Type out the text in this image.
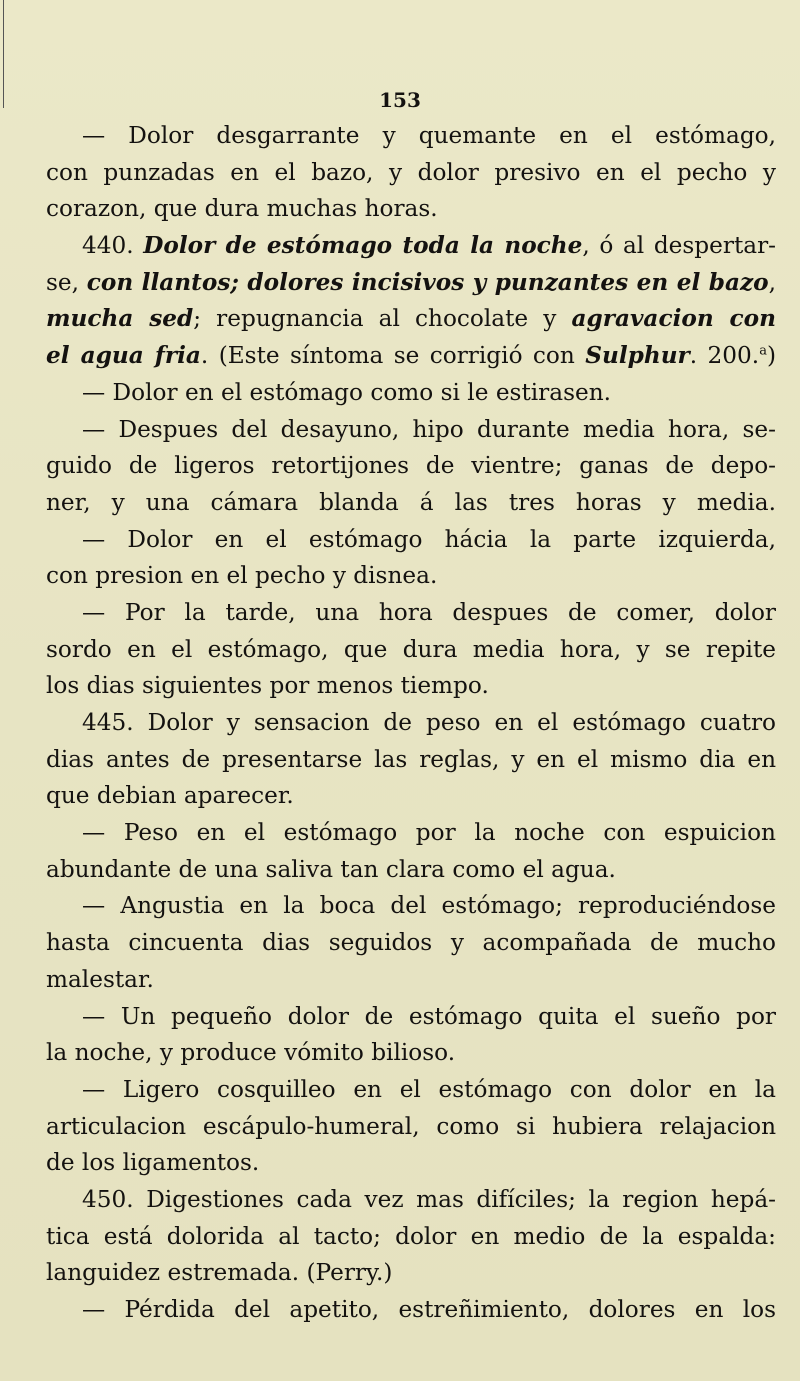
153
— Dolor desgarrante y quemante en el estómago,
con punzadas en el bazo, y dolor presivo en el pecho y
corazon, que dura muchas horas.
440. Dolor de estómago toda la noche, ó al despertar-
se, con llantos; dolores incisivos y punzantes en el bazo,
mucha sed; repugnancia al chocolate y agravacion con
el agua fria. (Este síntoma se corrigió con Sulphur. 200.$^a$)
— Dolor en el estómago como si le estirasen.
— Despues del desayuno, hipo durante media hora, se-
guido de ligeros retortijones de vientre; ganas de depo-
ner, y una cámara blanda á las tres horas y media.
— Dolor en el estómago hácia la parte izquierda,
con presion en el pecho y disnea.
— Por la tarde, una hora despues de comer, dolor
sordo en el estómago, que dura media hora, y se repite
los dias siguientes por menos tiempo.
445. Dolor y sensacion de peso en el estómago cuatro
dias antes de presentarse las reglas, y en el mismo dia en
que debian aparecer.
— Peso en el estómago por la noche con espuicion
abundante de una saliva tan clara como el agua.
— Angustia en la boca del estómago; reproduciéndose
hasta cincuenta dias seguidos y acompañada de mucho
malestar.
— Un pequeño dolor de estómago quita el sueño por
la noche, y produce vómito bilioso.
— Ligero cosquilleo en el estómago con dolor en la
articulacion escápulo-humeral, como si hubiera relajacion
de los ligamentos.
450. Digestiones cada vez mas difíciles; la region hepá-
tica está dolorida al tacto; dolor en medio de la espalda:
languidez estremada. (Perry.)
— Pérdida del apetito, estreñimiento, dolores en los
